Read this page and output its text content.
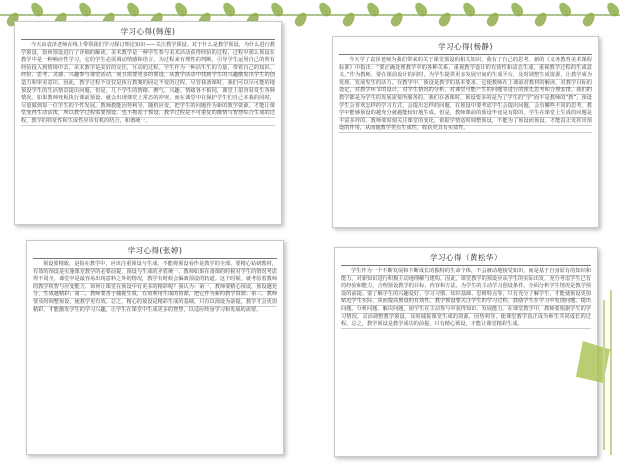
学习心得(韩莲)

今天由袁泽老师在线上带领我们学习探讨理论知识——关注教学预设。对于什么是教学预设，为什么进行教学预设，如何预设进行了详细的解读。美术教学是一种学生参与美术活动获得经验的过程，过程中那么预设在教学中是一种响应性学习，它的学生必需调动情感和语言，为过程来有理性的判断，引导学生运用自己的所有经验投入到情境中去。美术教学是美好的交往，互动的过程。学生作为一种活生生的力量，带着自己的知识、经验、思考、灵感、兴趣参与课堂活动，而且需要更多的预设，从教学活动中找到学生的兴趣激发出学生的创造力和审美意识。因此，教学过程不仅仅是执行教案的固定不变的过程。尽管我备课时，我们可以尽可能的地预设学生的生活情景提出问题，但是，几个学生的情绪、脾气、兴趣、情绪各不相同，课堂上很容易发生各种情况。如果教师死板执行课前预设，就会出现课堂上常态的冲突，而在课堂中在保护学生们自己本我的同时，尽量做到每一位学生的个性发展。教师教能因势利导，随机应变，把学生的问题作为新的教学资源，才能让课堂变得生动活泼，所以教学过程需要预设，也不拘泥于预设，教学过程是不可重复的激情与智慧综合生成的过程，教学的特征性和生成性应该有机的结合，和谐统一。

学习心得(杨静)

今天学了袁泽老师为我们带来的关于课堂预设的相关知识，我有了自己的思考。新的《义务教育美术课程标准》中指出：“要正确处理教学中的各种关系，重视教学设计的有效性和动态生成，重视教学过程的生成意义。”作为教师，要在课前设计的同时，为学生提供更多发展空间的生成平台，及时调整生成资源，让教学成为发现、发展发生的活力。在教学中，预设是教学的基本要求，它使教师在上课前对教材的解读，对教学目标的设定，对教学环节的设计，对学生情况的分析，对课堂可能产生的问题等进行的预先思考和合理安排。我们的教学都是为学生的发展需要所服务的，我们在备课时，预设要多的是为了学生的“学”而不是教师的“教”，预设学生会喜欢怎样的学习方式，会提出怎样的问题，在预设中要考虑学生会提出问题，会有哪些不同的思考，教学中能够预设的越充分就越能较好地生成。但是，教师课前的预设毕竟是有限的，学生在课堂上生成的问题是丰富多样的，教师要时刻关注课堂的变化，依据学情适时调整预设，不能为了预设而预设，才能真正发挥出预设的作用，从而使教学更有生成性，收获更具有实效性。

学习心得(张婷)

预设要精致，是指在教学中，应该注重预设与生成，不能将预设看作是教学的全部。要精心钻研教材，有效的预设是实施课堂教学的必要前提，预设与生成的矛盾统一，教师如果在备课的时候对学生的情况考虑得不周全，课堂中是最容易出现意料之外的情况，教学有时候会偏离预设的轨道。这个时候，就考验着教师的教学机智与应变能力。如何让课堂在预设中有更多的精彩呢？我认为：第一，教师要精心预设，预设越充分，生成越精彩；第二，教师要善于捕捉生成，有效利用生成的资源，把它作为新的教学资源；第三，教师要及时调整预设，使教学更有效。总之，精心的预设是精彩生成的基础，只有以预设为前提，教学才会更加精彩，才能激发学生的学习兴趣，让学生在课堂中生成更多的智慧，以适应终身学习和发展的需要。

学习心得（黄松华）

学生作为一个不断发展和不断成长的独特的生命个体，不会被动地接受知识，而是基于自身原有的知识和能力，对新知识进行积极主动地理解与建构。因此，课堂教学的预设应从学生的实际出发，充分考虑学生已有的经验和能力，合理预设教学的目标、内容和方法，为学生的主动学习创设条件。全面分析学生情况是教学预设的前提。要了解学生的兴趣爱好、学习习惯、知识基础、思维特点等，只有充分了解学生，才能使预设更加贴近学生实际，从而提高预设的有效性。教学预设要关注学生的学习过程，鼓励学生在学习中发现问题、提出问题、分析问题、解决问题，使学生在主动参与中获得知识、发展能力。在课堂教学中，教师要根据学生的学习情况，灵活调整教学预设，及时捕捉课堂生成的资源，因势利导，使课堂教学真正成为师生共同成长的过程。总之，教学预设是教学成功的前提，只有精心预设，才能让课堂精彩生成。
